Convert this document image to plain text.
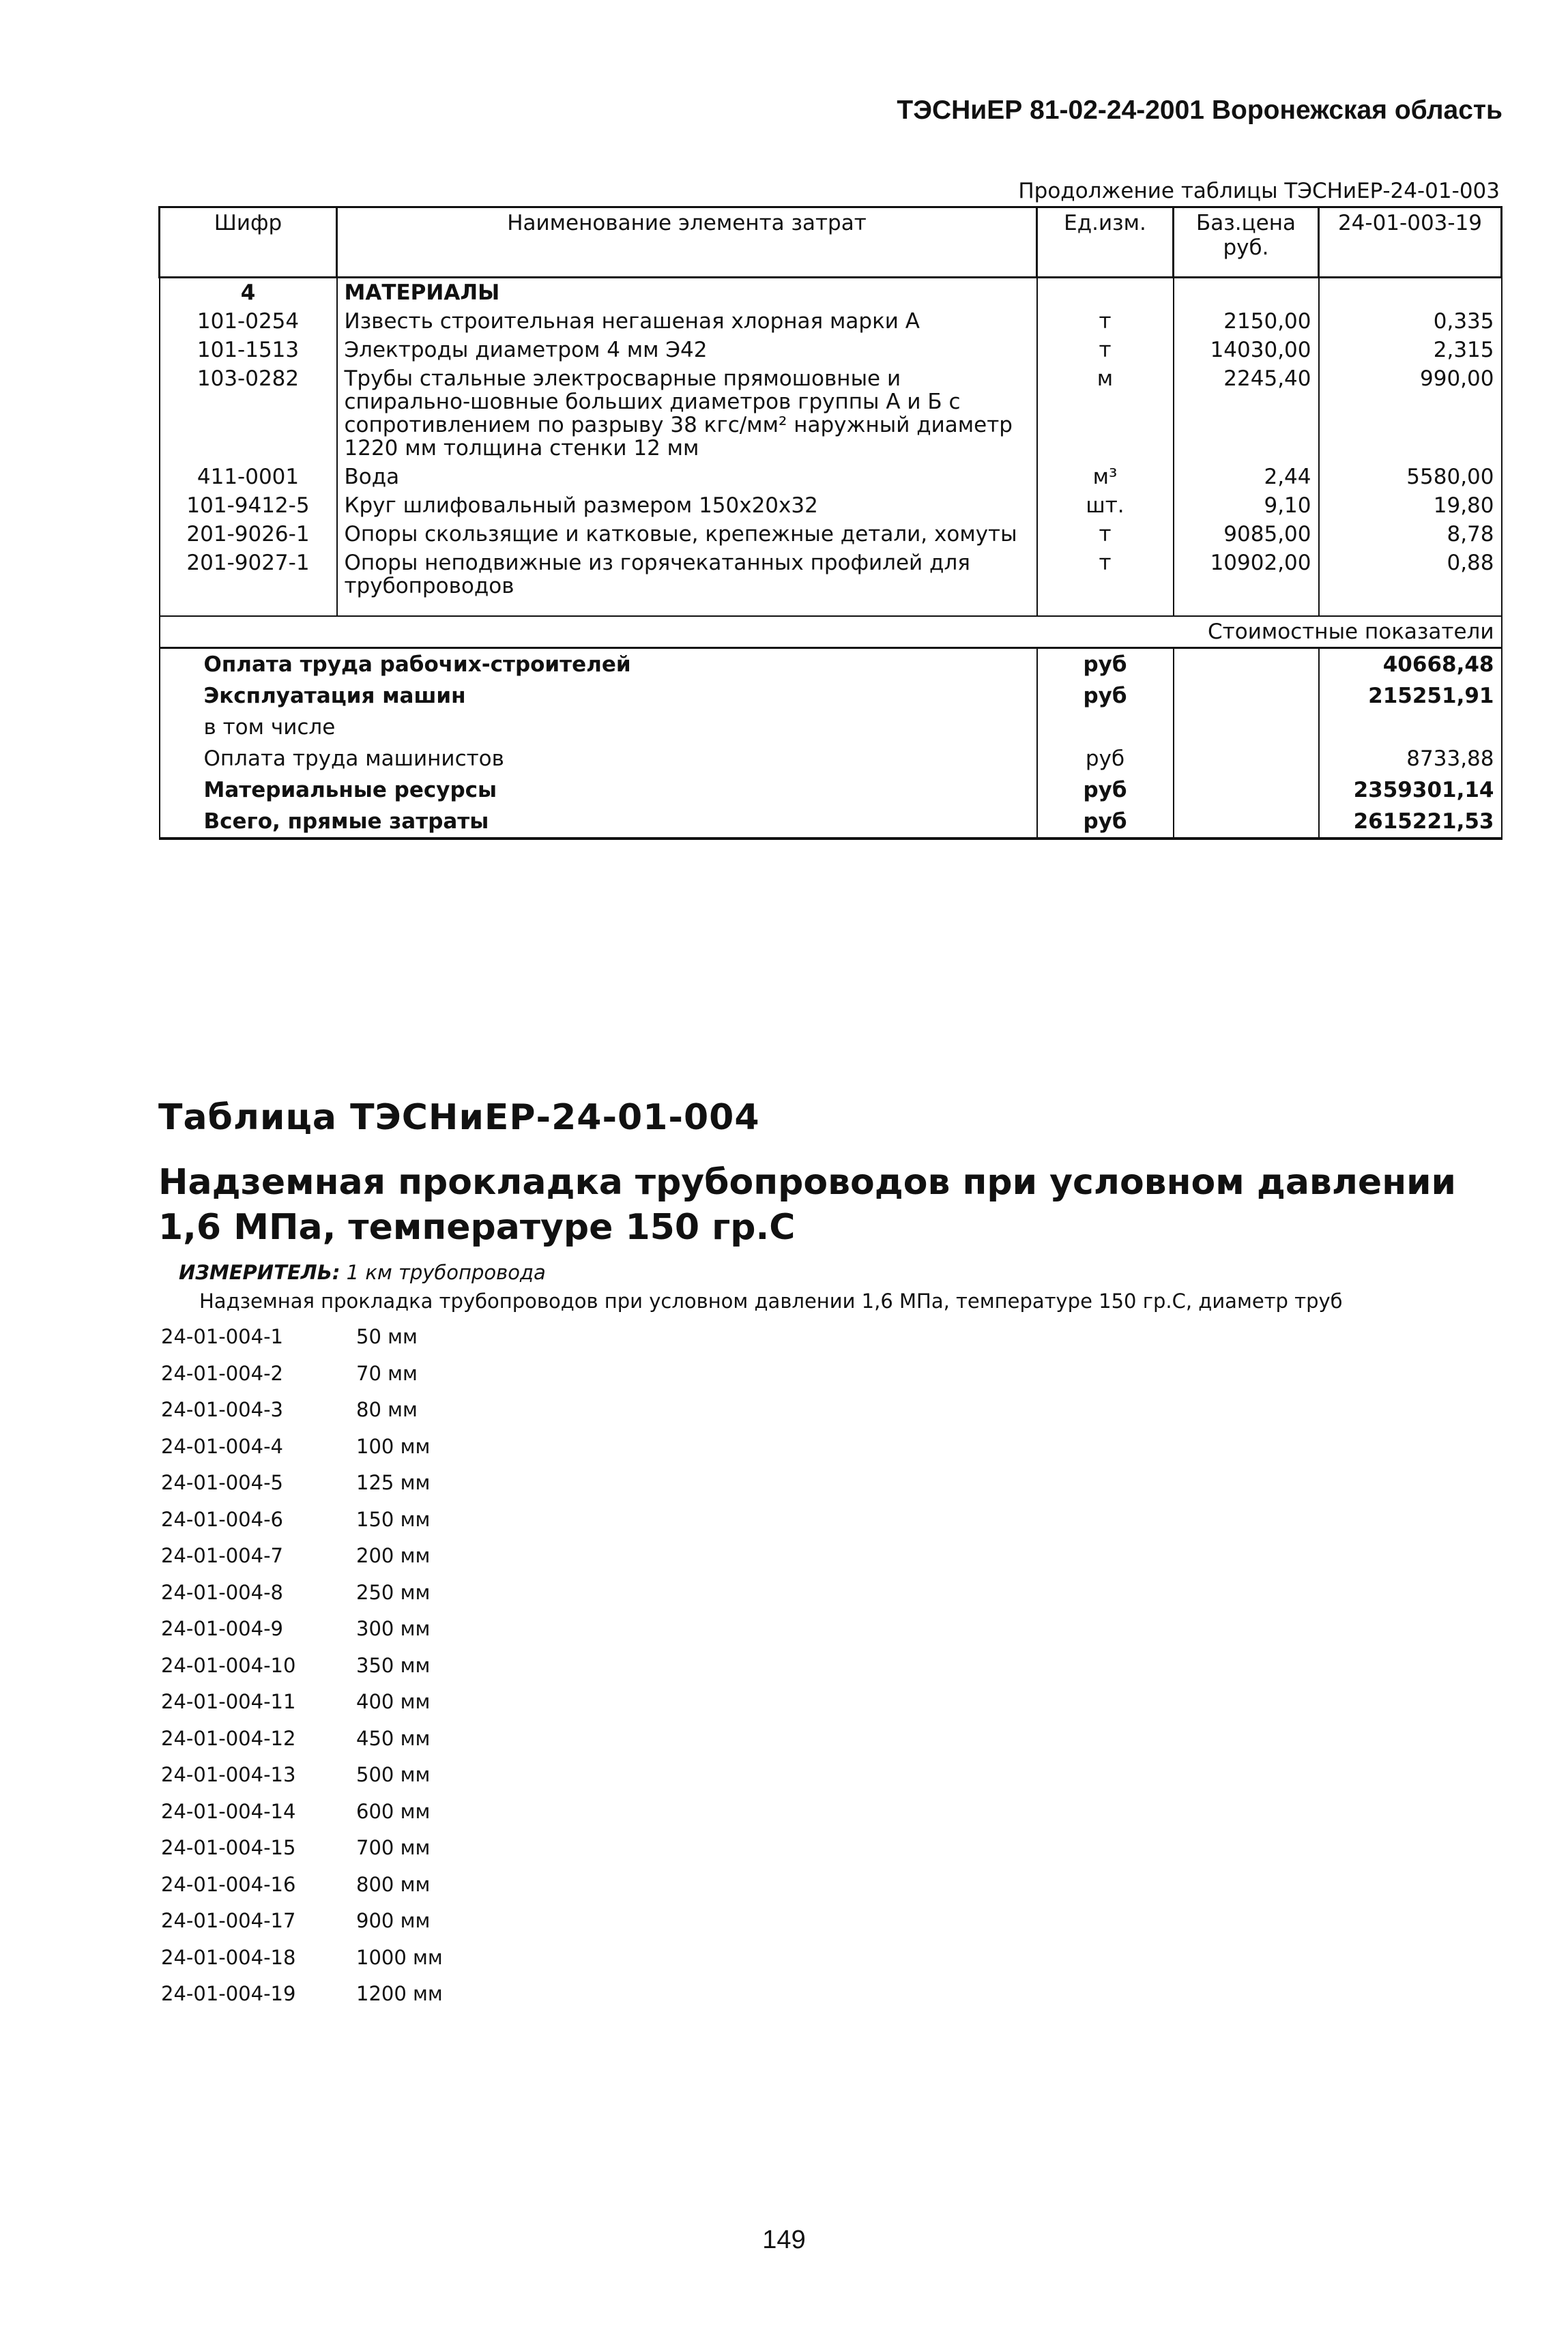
ТЭСНиЕР 81-02-24-2001 Воронежская область
Продолжение таблицы ТЭСНиЕР-24-01-003
Шифр	Наименование элемента затрат	Ед.изм.	Баз.цена руб.	24-01-003-19
4	МАТЕРИАЛЫ			
101-0254	Известь строительная негашеная хлорная марки А	т	2150,00	0,335
101-1513	Электроды диаметром 4 мм Э42	т	14030,00	2,315
103-0282	Трубы стальные электросварные прямошовные и спирально-шовные больших диаметров группы А и Б с сопротивлением по разрыву 38 кгс/мм² наружный диаметр 1220 мм толщина стенки 12 мм	м	2245,40	990,00
411-0001	Вода	м³	2,44	5580,00
101-9412-5	Круг шлифовальный размером 150x20x32	шт.	9,10	19,80
201-9026-1	Опоры скользящие и катковые, крепежные детали, хомуты	т	9085,00	8,78
201-9027-1	Опоры неподвижные из горячекатанных профилей для трубопроводов	т	10902,00	0,88

Стоимостные показатели				
Оплата труда рабочих-строителей		руб		40668,48
Эксплуатация машин		руб		215251,91
в том числе				
Оплата труда машинистов		руб		8733,88
Материальные ресурсы		руб		2359301,14
Всего, прямые затраты		руб		2615221,53
Таблица ТЭСНиЕР-24-01-004
Надземная прокладка трубопроводов при условном давлении 1,6 МПа, температуре 150 гр.С
ИЗМЕРИТЕЛЬ: 1 км трубопровода
Надземная прокладка трубопроводов при условном давлении 1,6 МПа, температуре 150 гр.С, диаметр труб
24-01-004-1	50 мм
24-01-004-2	70 мм
24-01-004-3	80 мм
24-01-004-4	100 мм
24-01-004-5	125 мм
24-01-004-6	150 мм
24-01-004-7	200 мм
24-01-004-8	250 мм
24-01-004-9	300 мм
24-01-004-10	350 мм
24-01-004-11	400 мм
24-01-004-12	450 мм
24-01-004-13	500 мм
24-01-004-14	600 мм
24-01-004-15	700 мм
24-01-004-16	800 мм
24-01-004-17	900 мм
24-01-004-18	1000 мм
24-01-004-19	1200 мм
149
